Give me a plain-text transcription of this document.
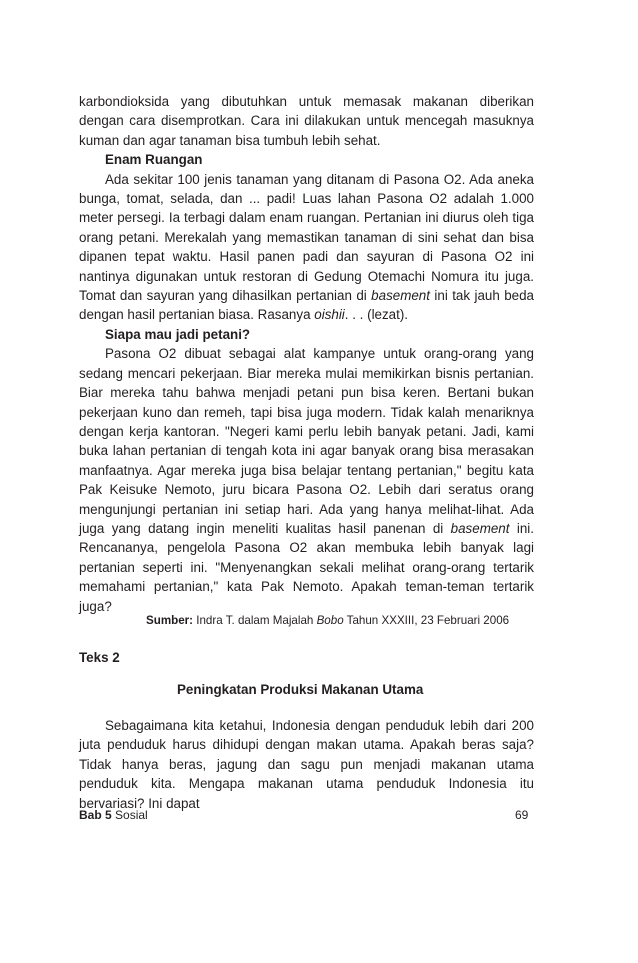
karbondioksida yang dibutuhkan untuk memasak makanan diberikan dengan cara disemprotkan. Cara ini dilakukan untuk mencegah masuknya kuman dan agar tanaman bisa tumbuh lebih sehat.

Enam Ruangan

Ada sekitar 100 jenis tanaman yang ditanam di Pasona O2. Ada aneka bunga, tomat, selada, dan ... padi! Luas lahan Pasona O2 adalah 1.000 meter persegi. Ia terbagi dalam enam ruangan. Pertanian ini diurus oleh tiga orang petani. Merekalah yang memastikan tanaman di sini sehat dan bisa dipanen tepat waktu. Hasil panen padi dan sayuran di Pasona O2 ini nantinya digunakan untuk restoran di Gedung Otemachi Nomura itu juga. Tomat dan sayuran yang dihasilkan pertanian di basement ini tak jauh beda dengan hasil pertanian biasa. Rasanya oishii. . . (lezat).

Siapa mau jadi petani?

Pasona O2 dibuat sebagai alat kampanye untuk orang-orang yang sedang mencari pekerjaan. Biar mereka mulai memikirkan bisnis pertanian. Biar mereka tahu bahwa menjadi petani pun bisa keren. Bertani bukan pekerjaan kuno dan remeh, tapi bisa juga modern. Tidak kalah menariknya dengan kerja kantoran. "Negeri kami perlu lebih banyak petani. Jadi, kami buka lahan pertanian di tengah kota ini agar banyak orang bisa merasakan manfaatnya. Agar mereka juga bisa belajar tentang pertanian," begitu kata Pak Keisuke Nemoto, juru bicara Pasona O2. Lebih dari seratus orang mengunjungi pertanian ini setiap hari. Ada yang hanya melihat-lihat. Ada juga yang datang ingin meneliti kualitas hasil panenan di basement ini. Rencananya, pengelola Pasona O2 akan membuka lebih banyak lagi pertanian seperti ini. "Menyenangkan sekali melihat orang-orang tertarik memahami pertanian," kata Pak Nemoto. Apakah teman-teman tertarik juga?

Sumber: Indra T. dalam Majalah Bobo Tahun XXXIII, 23 Februari 2006
Teks 2
Peningkatan Produksi Makanan Utama

Sebagaimana kita ketahui, Indonesia dengan penduduk lebih dari 200 juta penduduk harus dihidupi dengan makan utama. Apakah beras saja? Tidak hanya beras, jagung dan sagu pun menjadi makanan utama penduduk kita. Mengapa makanan utama penduduk Indonesia itu bervariasi? Ini dapat

Bab 5 Sosial	69
